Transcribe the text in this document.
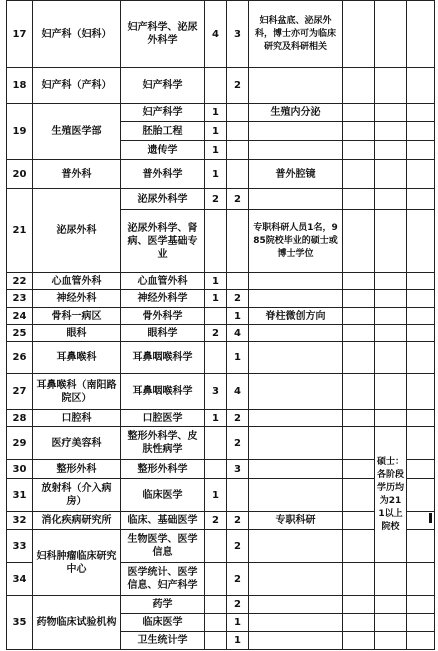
17	妇产科（妇科）	妇产科学、泌尿外科学	4	3	妇科盆底、泌尿外科，博士亦可为临床研究及科研相关			
18	妇产科（产科）	妇产科学		2				
19	生殖医学部	妇产科学	1		生殖内分泌			
		胚胎工程	1					
		遗传学	1					
20	普外科	普外科学	1		普外腔镜			
21	泌尿外科	泌尿外科学	2	2				
		泌尿外科学、肾病、医学基础专业			专职科研人员1名，985院校毕业的硕士或博士学位			
22	心血管外科	心血管外科	1					
23	神经外科	神经外科学	1	2				
24	骨科一病区	骨外科学		1	脊柱微创方向			
25	眼科	眼科学	2	4				
26	耳鼻喉科	耳鼻咽喉科学		1				
27	耳鼻喉科（南阳路院区）	耳鼻咽喉科学	3	4				
28	口腔科	口腔医学	1	2				
29	医疗美容科	整形外科学、皮肤性病学		2			硕士：各阶段学历均为211以上院校	
30	整形外科	整形外科学		3				
31	放射科（介入病房）	临床医学	1					
32	消化疾病研究所	临床、基础医学	2	2	专职科研			
33	妇科肿瘤临床研究中心	生物医学、医学信息		2				
34		医学统计、医学信息、妇产科学		2				
35	药物临床试验机构	药学		2				
		临床医学		1				
		卫生统计学		1				
